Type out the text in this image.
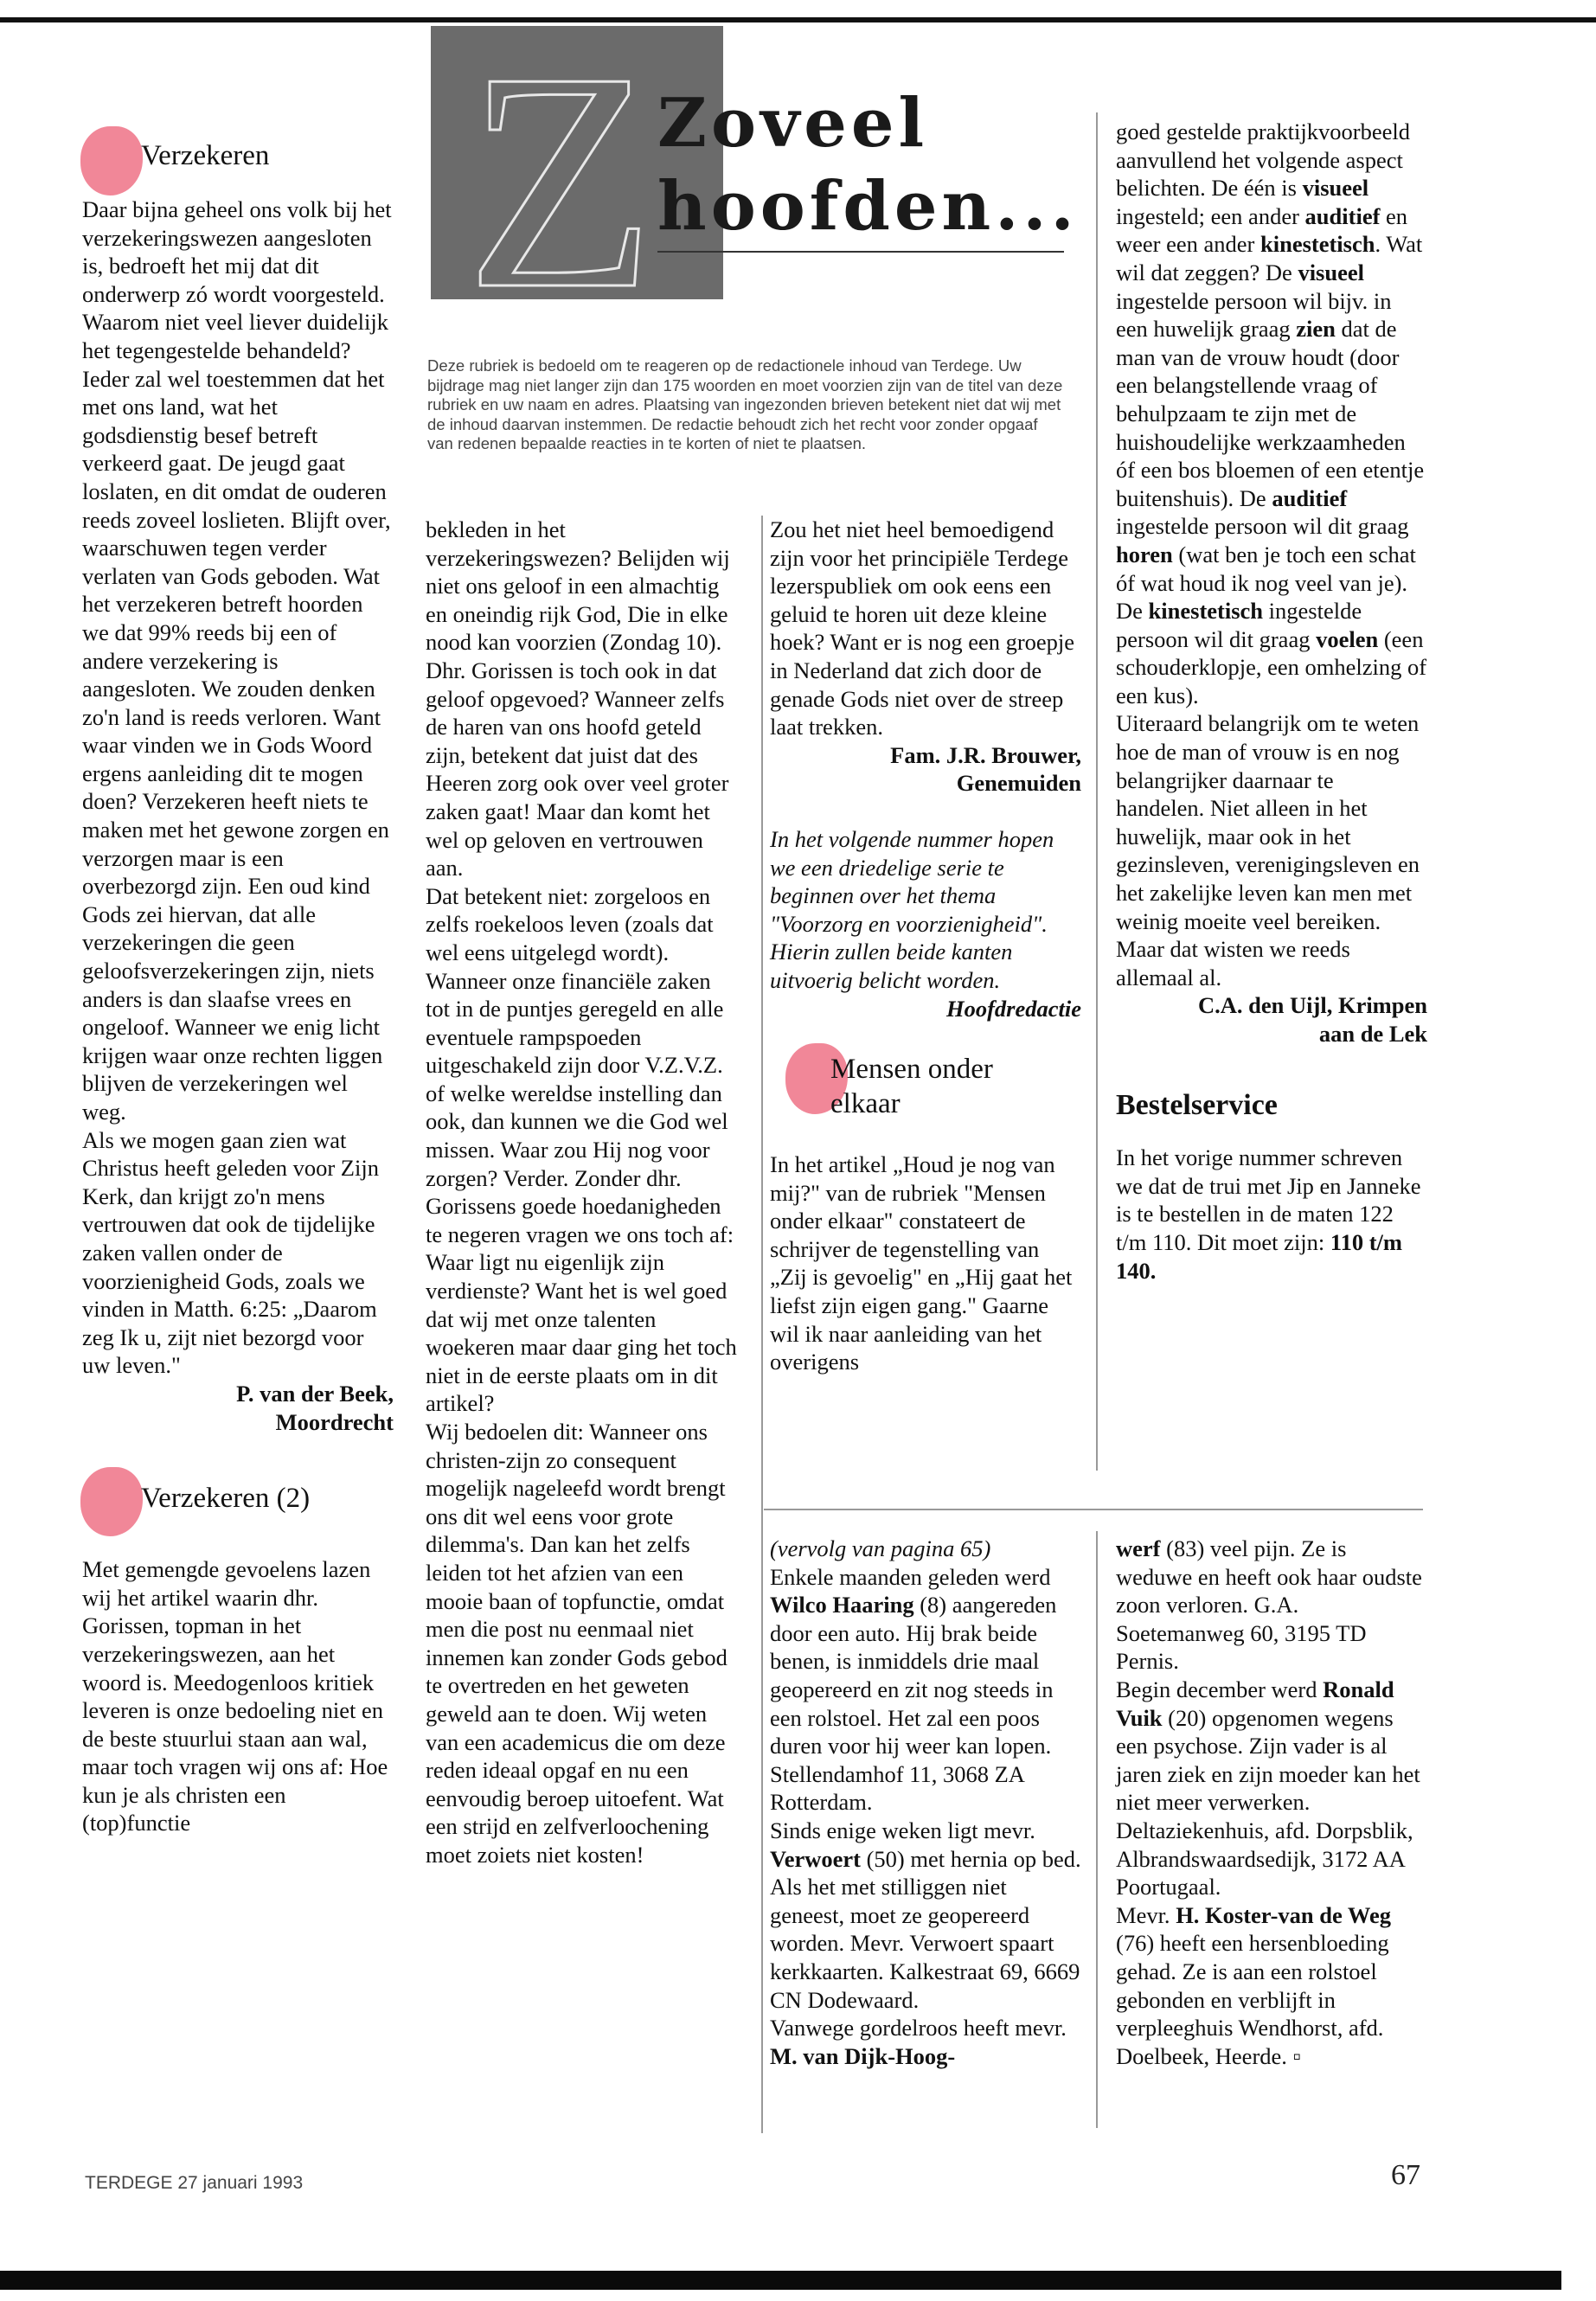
Z Zoveel
hoofden...
Deze rubriek is bedoeld om te reageren op de redactionele inhoud van Terdege. Uw bijdrage mag niet langer zijn dan 175 woorden en moet voorzien zijn van de titel van deze rubriek en uw naam en adres. Plaatsing van ingezonden brieven betekent niet dat wij met de inhoud daarvan instemmen. De redactie behoudt zich het recht voor zonder opgaaf van redenen bepaalde reacties in te korten of niet te plaatsen.
Verzekeren

Daar bijna geheel ons volk bij het verzekeringswezen aangesloten is, bedroeft het mij dat dit onderwerp zó wordt voorgesteld. Waarom niet veel liever duidelijk het tegengestelde behandeld? Ieder zal wel toestemmen dat het met ons land, wat het godsdienstig besef betreft verkeerd gaat. De jeugd gaat loslaten, en dit omdat de ouderen reeds zoveel loslieten. Blijft over, waarschuwen tegen verder verlaten van Gods geboden. Wat het verzekeren betreft hoorden we dat 99% reeds bij een of andere verzekering is aangesloten. We zouden denken zo'n land is reeds verloren. Want waar vinden we in Gods Woord ergens aanleiding dit te mogen doen? Verzekeren heeft niets te maken met het gewone zorgen en verzorgen maar is een overbezorgd zijn. Een oud kind Gods zei hiervan, dat alle verzekeringen die geen geloofsverzekeringen zijn, niets anders is dan slaafse vrees en ongeloof. Wanneer we enig licht krijgen waar onze rechten liggen blijven de verzekeringen wel weg.

Als we mogen gaan zien wat Christus heeft geleden voor Zijn Kerk, dan krijgt zo'n mens vertrouwen dat ook de tijdelijke zaken vallen onder de voorzienigheid Gods, zoals we vinden in Matth. 6:25: „Daarom zeg Ik u, zijt niet bezorgd voor uw leven."

P. van der Beek,

Moordrecht

Verzekeren (2)

Met gemengde gevoelens lazen wij het artikel waarin dhr. Gorissen, topman in het verzekeringswezen, aan het woord is. Meedogenloos kritiek leveren is onze bedoeling niet en de beste stuurlui staan aan wal, maar toch vragen wij ons af: Hoe kun je als christen een (top)functie

bekleden in het verzekeringswezen? Belijden wij niet ons geloof in een almachtig en oneindig rijk God, Die in elke nood kan voorzien (Zondag 10).

Dhr. Gorissen is toch ook in dat geloof opgevoed? Wanneer zelfs de haren van ons hoofd geteld zijn, betekent dat juist dat des Heeren zorg ook over veel groter zaken gaat! Maar dan komt het wel op geloven en vertrouwen aan.

Dat betekent niet: zorgeloos en zelfs roekeloos leven (zoals dat wel eens uitgelegd wordt).

Wanneer onze financiële zaken tot in de puntjes geregeld en alle eventuele rampspoeden uitgeschakeld zijn door V.Z.V.Z. of welke wereldse instelling dan ook, dan kunnen we die God wel missen. Waar zou Hij nog voor zorgen? Verder. Zonder dhr. Gorissens goede hoedanigheden te negeren vragen we ons toch af: Waar ligt nu eigenlijk zijn verdienste? Want het is wel goed dat wij met onze talenten woekeren maar daar ging het toch niet in de eerste plaats om in dit artikel?

Wij bedoelen dit: Wanneer ons christen-zijn zo consequent mogelijk nageleefd wordt brengt ons dit wel eens voor grote dilemma's. Dan kan het zelfs leiden tot het afzien van een mooie baan of topfunctie, omdat men die post nu eenmaal niet innemen kan zonder Gods gebod te overtreden en het geweten geweld aan te doen. Wij weten van een academicus die om deze reden ideaal opgaf en nu een eenvoudig beroep uitoefent. Wat een strijd en zelfverloochening moet zoiets niet kosten!

Zou het niet heel bemoedigend zijn voor het principiële Terdege lezerspubliek om ook eens een geluid te horen uit deze kleine hoek? Want er is nog een groepje in Nederland dat zich door de genade Gods niet over de streep laat trekken.

Fam. J.R. Brouwer,

Genemuiden

In het volgende nummer hopen we een driedelige serie te beginnen over het thema "Voorzorg en voorzienigheid". Hierin zullen beide kanten uitvoerig belicht worden.

Hoofdredactie

Mensen onder
elkaar

In het artikel „Houd je nog van mij?" van de rubriek "Mensen onder elkaar" constateert de schrijver de tegenstelling van „Zij is gevoelig" en „Hij gaat het liefst zijn eigen gang." Gaarne wil ik naar aanleiding van het overigens

goed gestelde praktijkvoorbeeld aanvullend het volgende aspect belichten. De één is visueel ingesteld; een ander auditief en weer een ander kinestetisch. Wat wil dat zeggen? De visueel ingestelde persoon wil bijv. in een huwelijk graag zien dat de man van de vrouw houdt (door een belangstellende vraag of behulpzaam te zijn met de huishoudelijke werkzaamheden óf een bos bloemen of een etentje buitenshuis). De auditief ingestelde persoon wil dit graag horen (wat ben je toch een schat óf wat houd ik nog veel van je). De kinestetisch ingestelde persoon wil dit graag voelen (een schouderklopje, een omhelzing of een kus).

Uiteraard belangrijk om te weten hoe de man of vrouw is en nog belangrijker daarnaar te handelen. Niet alleen in het huwelijk, maar ook in het gezinsleven, verenigingsleven en het zakelijke leven kan men met weinig moeite veel bereiken. Maar dat wisten we reeds allemaal al.

C.A. den Uijl, Krimpen

aan de Lek

Bestelservice

In het vorige nummer schreven we dat de trui met Jip en Janneke is te bestellen in de maten 122 t/m 110. Dit moet zijn: 110 t/m 140.

(vervolg van pagina 65)

Enkele maanden geleden werd Wilco Haaring (8) aangereden door een auto. Hij brak beide benen, is inmiddels drie maal geopereerd en zit nog steeds in een rolstoel. Het zal een poos duren voor hij weer kan lopen. Stellendamhof 11, 3068 ZA Rotterdam.
Sinds enige weken ligt mevr. Verwoert (50) met hernia op bed. Als het met stilliggen niet geneest, moet ze geopereerd worden. Mevr. Verwoert spaart kerkkaarten. Kalkestraat 69, 6669 CN Dodewaard.
Vanwege gordelroos heeft mevr. M. van Dijk-Hoog-

werf (83) veel pijn. Ze is weduwe en heeft ook haar oudste zoon verloren. G.A. Soetemanweg 60, 3195 TD Pernis.
Begin december werd Ronald Vuik (20) opgenomen wegens een psychose. Zijn vader is al jaren ziek en zijn moeder kan het niet meer verwerken. Deltaziekenhuis, afd. Dorpsblik, Albrandswaardsedijk, 3172 AA Poortugaal.
Mevr. H. Koster-van de Weg (76) heeft een hersenbloeding gehad. Ze is aan een rolstoel gebonden en verblijft in verpleeghuis Wendhorst, afd. Doelbeek, Heerde. ▫

TERDEGE 27 januari 1993	67
